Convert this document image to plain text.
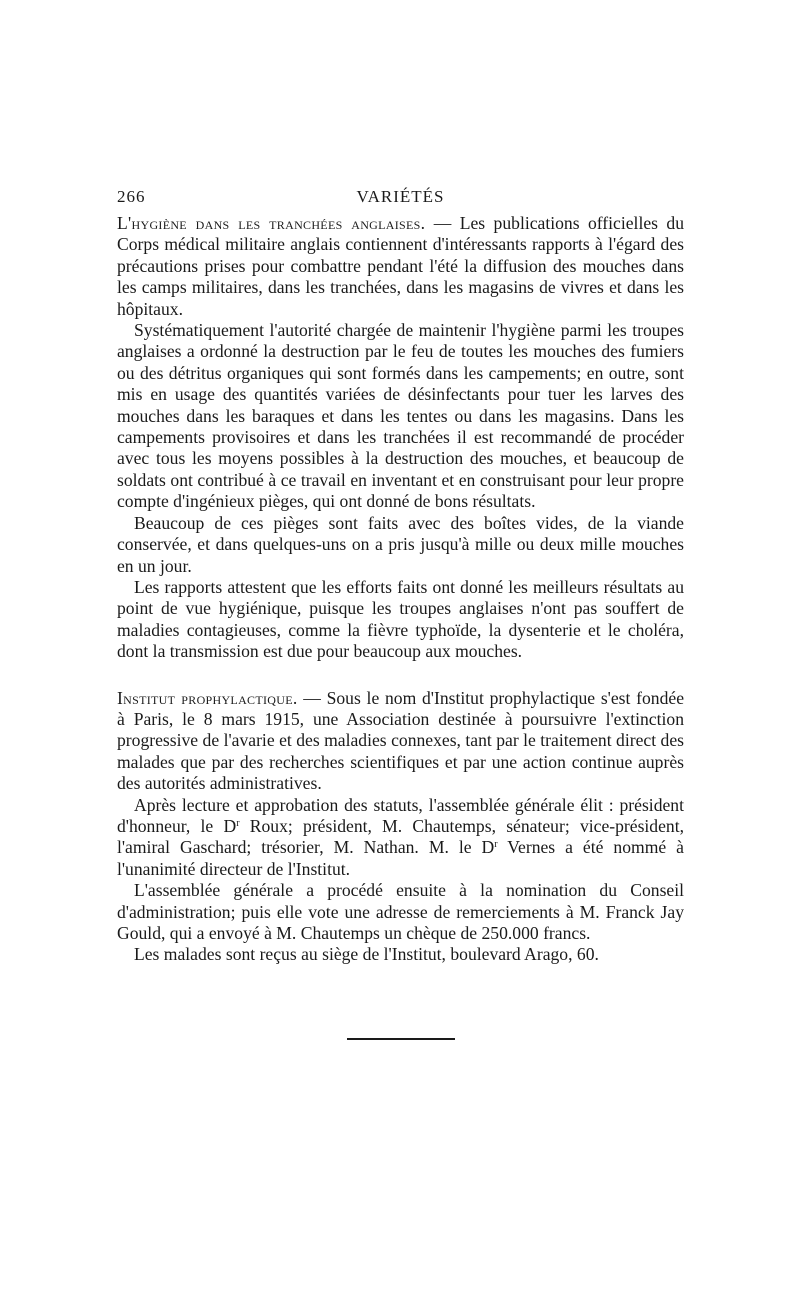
266	VARIÉTÉS

L'hygiène dans les tranchées anglaises. — Les publications officielles du Corps médical militaire anglais contiennent d'intéressants rapports à l'égard des précautions prises pour combattre pendant l'été la diffusion des mouches dans les camps militaires, dans les tranchées, dans les magasins de vivres et dans les hôpitaux.

Systématiquement l'autorité chargée de maintenir l'hygiène parmi les troupes anglaises a ordonné la destruction par le feu de toutes les mouches des fumiers ou des détritus organiques qui sont formés dans les campements; en outre, sont mis en usage des quantités variées de désinfectants pour tuer les larves des mouches dans les baraques et dans les tentes ou dans les magasins. Dans les campements provisoires et dans les tranchées il est recommandé de procéder avec tous les moyens possibles à la destruction des mouches, et beaucoup de soldats ont contribué à ce travail en inventant et en construisant pour leur propre compte d'ingénieux pièges, qui ont donné de bons résultats.

Beaucoup de ces pièges sont faits avec des boîtes vides, de la viande conservée, et dans quelques-uns on a pris jusqu'à mille ou deux mille mouches en un jour.

Les rapports attestent que les efforts faits ont donné les meilleurs résultats au point de vue hygiénique, puisque les troupes anglaises n'ont pas souffert de maladies contagieuses, comme la fièvre typhoïde, la dysenterie et le choléra, dont la transmission est due pour beaucoup aux mouches.

Institut prophylactique. — Sous le nom d'Institut prophylactique s'est fondée à Paris, le 8 mars 1915, une Association destinée à poursuivre l'extinction progressive de l'avarie et des maladies connexes, tant par le traitement direct des malades que par des recherches scientifiques et par une action continue auprès des autorités administratives.

Après lecture et approbation des statuts, l'assemblée générale élit : président d'honneur, le $D^r$ Roux; président, M. Chautemps, sénateur; vice-président, l'amiral Gaschard; trésorier, M. Nathan. M. le $D^r$ Vernes a été nommé à l'unanimité directeur de l'Institut.

L'assemblée générale a procédé ensuite à la nomination du Conseil d'administration; puis elle vote une adresse de remerciements à M. Franck Jay Gould, qui a envoyé à M. Chautemps un chèque de 250.000 francs.

Les malades sont reçus au siège de l'Institut, boulevard Arago, 60.
